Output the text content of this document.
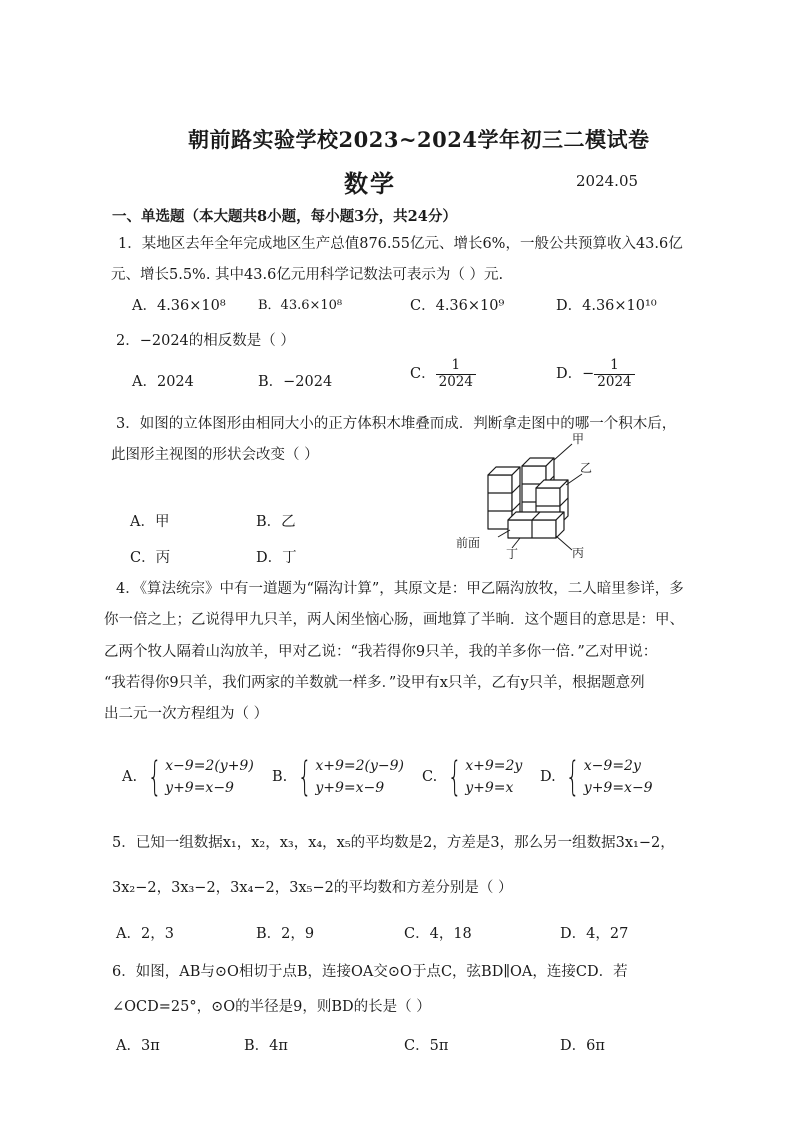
朝前路实验学校2023~2024学年初三二模试卷
数学	2024.05
一、单选题（本大题共8小题，每小题3分，共24分）
1．某地区去年全年完成地区生产总值876.55亿元、增长6%，一般公共预算收入43.6亿
元、增长5.5%. 其中43.6亿元用科学记数法可表示为（ ）元.
A．4.36×10⁸ B．43.6×10⁸	C．4.36×10⁹	D．4.36×10¹⁰
2．−2024的相反数是（ ）
A．2024	B．−2024	C． $\frac{1}{2024}$	D．− $\frac{1}{2024}$
3．如图的立体图形由相同大小的正方体积木堆叠而成．判断拿走图中的哪一个积木后，
此图形主视图的形状会改变（ ）
A．甲	B．乙
C．丙	D．丁
甲
乙
前面
丁	丙
4．《算法统宗》中有一道题为“隔沟计算”，其原文是：甲乙隔沟放牧，二人暗里参详，多
你一倍之上；乙说得甲九只羊，两人闲坐恼心肠，画地算了半晌．这个题目的意思是：甲、
乙两个牧人隔着山沟放羊，甲对乙说：“我若得你9只羊，我的羊多你一倍．”乙对甲说：
“我若得你9只羊，我们两家的羊数就一样多．”设甲有x只羊，乙有y只羊，根据题意列
出二元一次方程组为（ ）
A. { x−9=2(y+9)
y+9=x−9
B. { x+9=2(y−9)
y+9=x−9
C. { x+9=2y
y+9=x
D. { x−9=2y
y+9=x−9
5．已知一组数据x₁，x₂，x₃，x₄，x₅的平均数是2，方差是3，那么另一组数据3x₁−2，
3x₂−2，3x₃−2，3x₄−2，3x₅−2的平均数和方差分别是（ ）
A．2，3	B．2，9	C．4，18	D．4，27
6．如图，AB与⊙O相切于点B，连接OA交⊙O于点C，弦BD∥OA，连接CD．若
∠OCD=25°，⊙O的半径是9，则BD的长是（ ）
A．3π	B．4π	C．5π	D．6π
